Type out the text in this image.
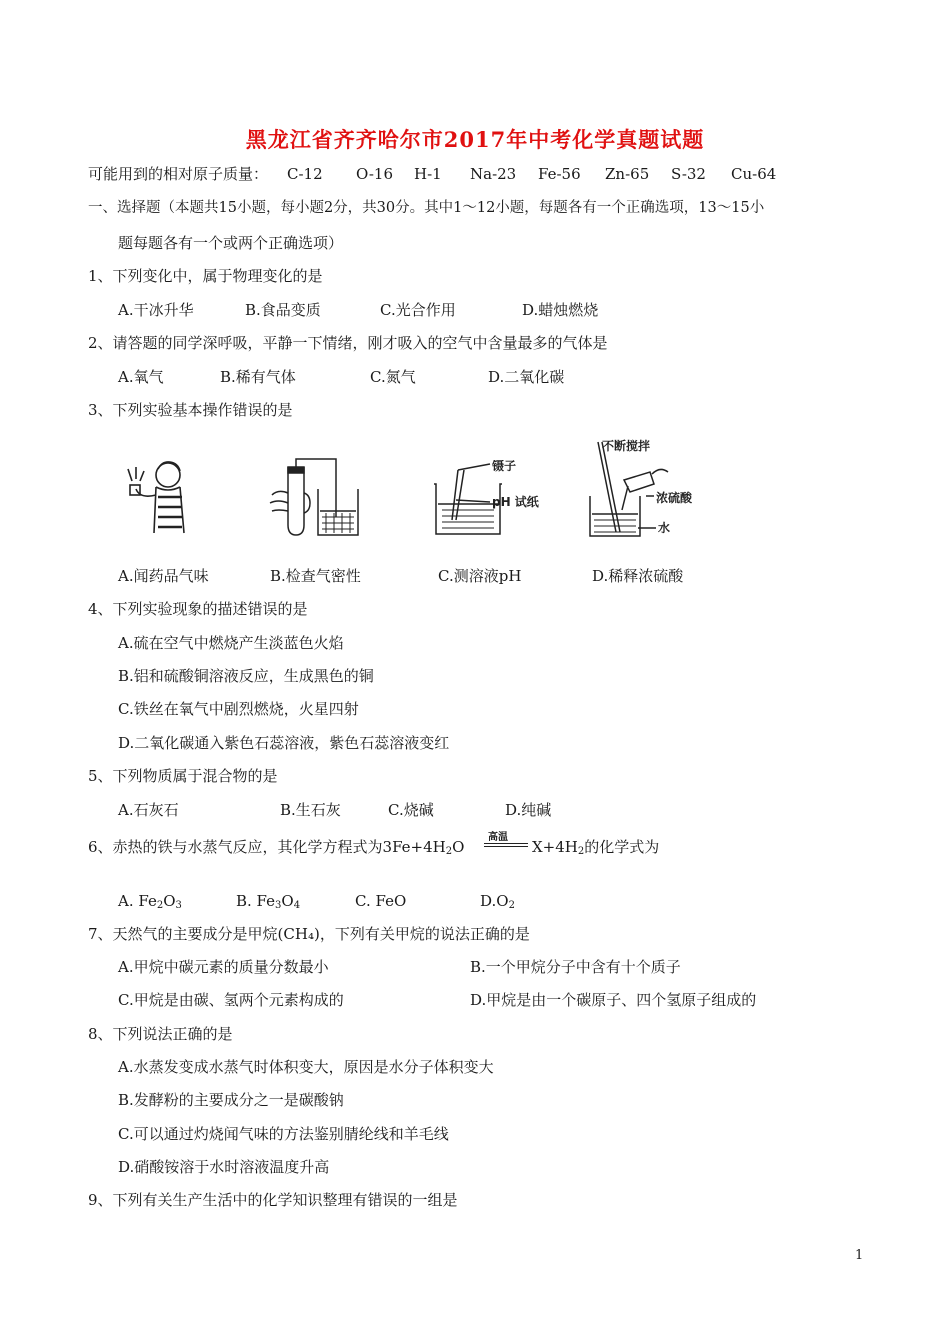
黑龙江省齐齐哈尔市2017年中考化学真题试题
可能用到的相对原子质量： C-12 O-16 H-1 Na-23 Fe-56 Zn-65 S-32 Cu-64
一、选择题（本题共15小题，每小题2分，共30分。其中1～12小题，每题各有一个正确选项，13～15小
题每题各有一个或两个正确选项）
1、下列变化中，属于物理变化的是
A.干冰升华	B.食品变质	C.光合作用	D.蜡烛燃烧
2、请答题的同学深呼吸，平静一下情绪，刚才吸入的空气中含量最多的气体是
A.氧气	B.稀有气体	C.氮气	D.二氧化碳
3、下列实验基本操作错误的是
镊子
pH 试纸
不断搅拌
浓硫酸
水
A.闻药品气味	B.检查气密性	C.测溶液pH	D.稀释浓硫酸
4、下列实验现象的描述错误的是
A.硫在空气中燃烧产生淡蓝色火焰
B.铝和硫酸铜溶液反应，生成黑色的铜
C.铁丝在氧气中剧烈燃烧，火星四射
D.二氧化碳通入紫色石蕊溶液，紫色石蕊溶液变红
5、下列物质属于混合物的是
A.石灰石	B.生石灰	C.烧碱	D.纯碱
6、赤热的铁与水蒸气反应，其化学方程式为$3Fe+4H_2O$
高温
$X+4H_2$的化学式为
A. $Fe_2O_3$	B. $Fe_3O_4$	C. FeO	$D.O_2$
7、天然气的主要成分是甲烷(CH₄)，下列有关甲烷的说法正确的是
A.甲烷中碳元素的质量分数最小	B.一个甲烷分子中含有十个质子
C.甲烷是由碳、氢两个元素构成的	D.甲烷是由一个碳原子、四个氢原子组成的
8、下列说法正确的是
A.水蒸发变成水蒸气时体积变大，原因是水分子体积变大
B.发酵粉的主要成分之一是碳酸钠
C.可以通过灼烧闻气味的方法鉴别腈纶线和羊毛线
D.硝酸铵溶于水时溶液温度升高
9、下列有关生产生活中的化学知识整理有错误的一组是
1
